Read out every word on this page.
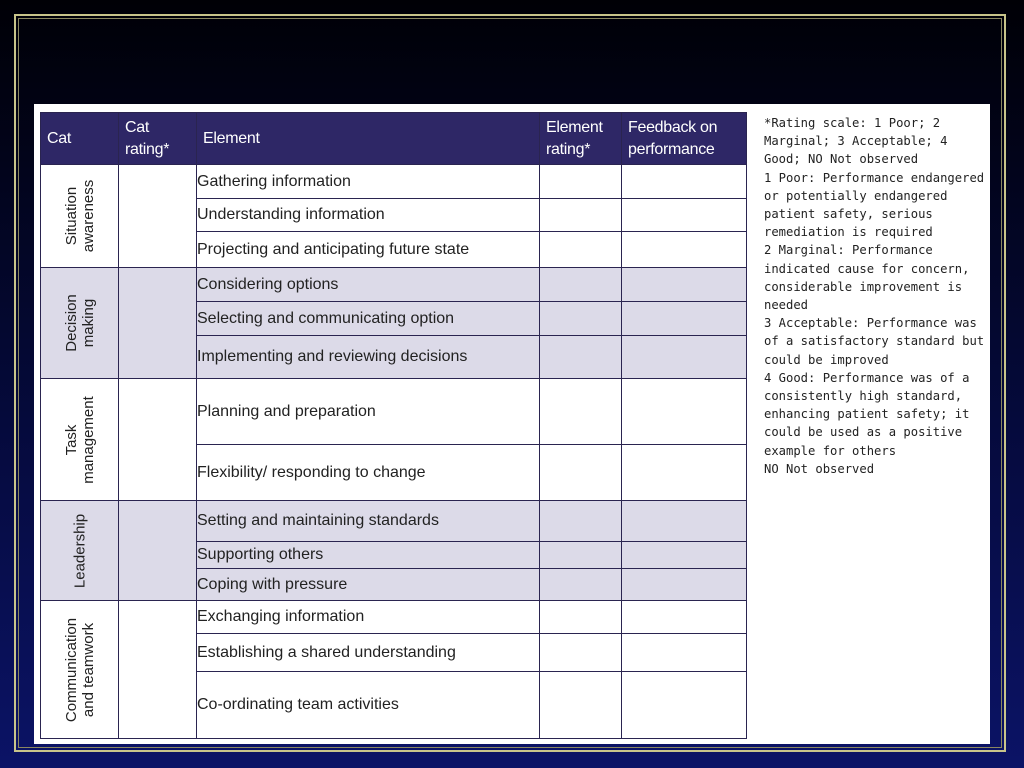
Cat	Cat rating*	Element	Element rating*	Feedback on performance

Situation awareness		Gathering information		
		Understanding information		
		Projecting and anticipating future state		

Decision making		Considering options		
		Selecting and communicating option		
		Implementing and reviewing decisions		

Task management		Planning and preparation		
		Flexibility/ responding to change		

Leadership		Setting and maintaining standards		
		Supporting others		
		Coping with pressure		

Communication and teamwork		Exchanging information		
		Establishing a shared understanding		
		Co-ordinating team activities		
*Rating scale: 1 Poor; 2 Marginal; 3 Acceptable; 4 Good; NO Not observed
1 Poor: Performance endangered or potentially endangered patient safety, serious remediation is required
2 Marginal: Performance indicated cause for concern, considerable improvement is needed
3 Acceptable: Performance was of a satisfactory standard but could be improved
4 Good: Performance was of a consistently high standard, enhancing patient safety; it could be used as a positive example for others
NO Not observed
